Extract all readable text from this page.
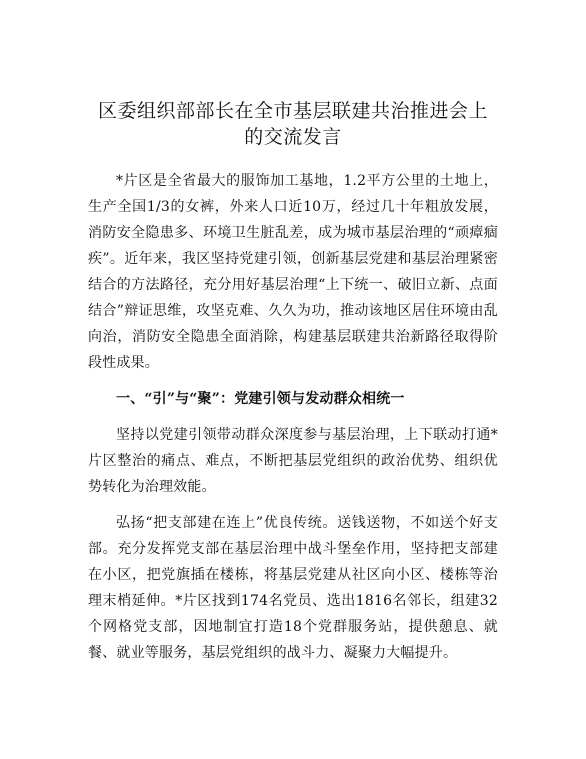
区委组织部部长在全市基层联建共治推进会上
的交流发言

*片区是全省最大的服饰加工基地，1.2平方公里的土地上，生产全国1/3的女裤，外来人口近10万，经过几十年粗放发展，消防安全隐患多、环境卫生脏乱差，成为城市基层治理的“顽瘴痼疾”。近年来，我区坚持党建引领，创新基层党建和基层治理紧密结合的方法路径，充分用好基层治理“上下统一、破旧立新、点面结合”辩证思维，攻坚克难、久久为功，推动该地区居住环境由乱向治，消防安全隐患全面消除，构建基层联建共治新路径取得阶段性成果。

一、“引”与“聚”：党建引领与发动群众相统一

坚持以党建引领带动群众深度参与基层治理，上下联动打通*片区整治的痛点、难点，不断把基层党组织的政治优势、组织优势转化为治理效能。

弘扬“把支部建在连上”优良传统。送钱送物，不如送个好支部。充分发挥党支部在基层治理中战斗堡垒作用，坚持把支部建在小区，把党旗插在楼栋，将基层党建从社区向小区、楼栋等治理末梢延伸。*片区找到174名党员、选出1816名邻长，组建32个网格党支部，因地制宜打造18个党群服务站，提供憩息、就餐、就业等服务，基层党组织的战斗力、凝聚力大幅提升。
